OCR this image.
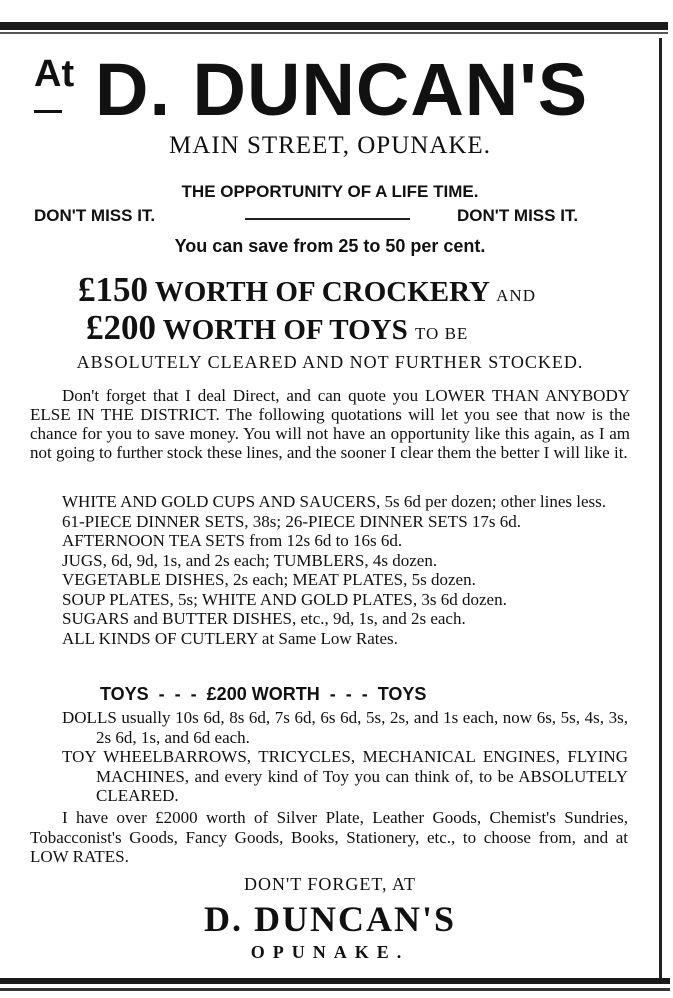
At D. DUNCAN'S
MAIN STREET, OPUNAKE.
THE OPPORTUNITY OF A LIFE TIME.
DON'T MISS IT.	DON'T MISS IT.
You can save from 25 to 50 per cent.
£150 WORTH OF CROCKERY AND
£200 WORTH OF TOYS TO BE
ABSOLUTELY CLEARED AND NOT FURTHER STOCKED.
Don't forget that I deal Direct, and can quote you LOWER THAN ANYBODY ELSE IN THE DISTRICT. The following quotations will let you see that now is the chance for you to save money. You will not have an opportunity like this again, as I am not going to further stock these lines, and the sooner I clear them the better I will like it.
WHITE AND GOLD CUPS AND SAUCERS, 5s 6d per dozen; other lines less.
61-PIECE DINNER SETS, 38s; 26-PIECE DINNER SETS 17s 6d.
AFTERNOON TEA SETS from 12s 6d to 16s 6d.
JUGS, 6d, 9d, 1s, and 2s each; TUMBLERS, 4s dozen.
VEGETABLE DISHES, 2s each; MEAT PLATES, 5s dozen.
SOUP PLATES, 5s; WHITE AND GOLD PLATES, 3s 6d dozen.
SUGARS and BUTTER DISHES, etc., 9d, 1s, and 2s each.
ALL KINDS OF CUTLERY at Same Low Rates.
TOYS  -  -  -  £200 WORTH  -  -  -  TOYS
DOLLS usually 10s 6d, 8s 6d, 7s 6d, 6s 6d, 5s, 2s, and 1s each, now 6s, 5s, 4s, 3s, 2s 6d, 1s, and 6d each.
TOY WHEELBARROWS, TRICYCLES, MECHANICAL ENGINES, FLYING MACHINES, and every kind of Toy you can think of, to be ABSOLUTELY CLEARED.
I have over £2000 worth of Silver Plate, Leather Goods, Chemist's Sundries, Tobacconist's Goods, Fancy Goods, Books, Stationery, etc., to choose from, and at LOW RATES.
DON'T FORGET, AT
D. DUNCAN'S
OPUNAKE.
